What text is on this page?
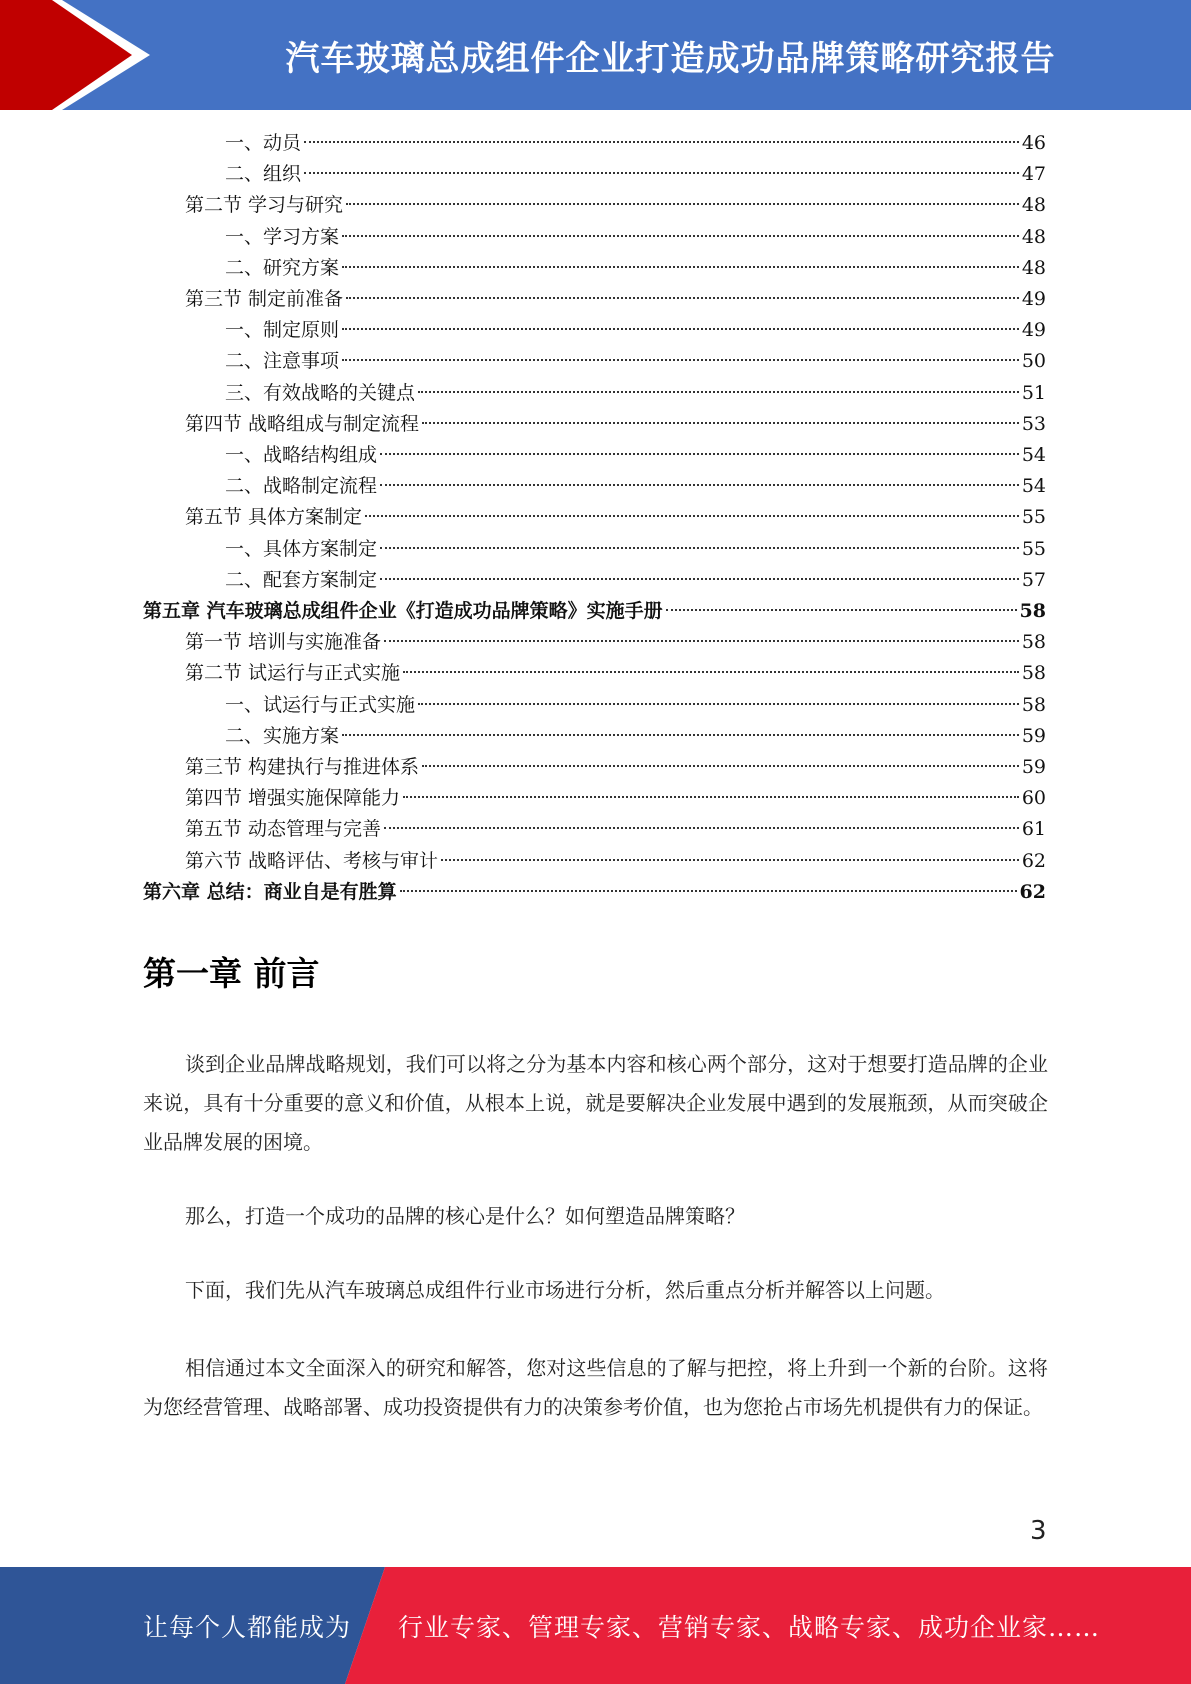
汽车玻璃总成组件企业打造成功品牌策略研究报告
一、动员	46
二、组织	47
第二节 学习与研究	48
一、学习方案	48
二、研究方案	48
第三节 制定前准备	49
一、制定原则	49
二、注意事项	50
三、有效战略的关键点	51
第四节 战略组成与制定流程	53
一、战略结构组成	54
二、战略制定流程	54
第五节 具体方案制定	55
一、具体方案制定	55
二、配套方案制定	57
第五章 汽车玻璃总成组件企业《打造成功品牌策略》实施手册	58
第一节 培训与实施准备	58
第二节 试运行与正式实施	58
一、试运行与正式实施	58
二、实施方案	59
第三节 构建执行与推进体系	59
第四节 增强实施保障能力	60
第五节 动态管理与完善	61
第六节 战略评估、考核与审计	62
第六章 总结：商业自是有胜算	62
第一章 前言
谈到企业品牌战略规划，我们可以将之分为基本内容和核心两个部分，这对于想要打造品牌的企业来说，具有十分重要的意义和价值，从根本上说，就是要解决企业发展中遇到的发展瓶颈，从而突破企业品牌发展的困境。
那么，打造一个成功的品牌的核心是什么？如何塑造品牌策略？
下面，我们先从汽车玻璃总成组件行业市场进行分析，然后重点分析并解答以上问题。
相信通过本文全面深入的研究和解答，您对这些信息的了解与把控，将上升到一个新的台阶。这将为您经营管理、战略部署、成功投资提供有力的决策参考价值，也为您抢占市场先机提供有力的保证。
3
让每个人都能成为 行业专家、管理专家、营销专家、战略专家、成功企业家……
